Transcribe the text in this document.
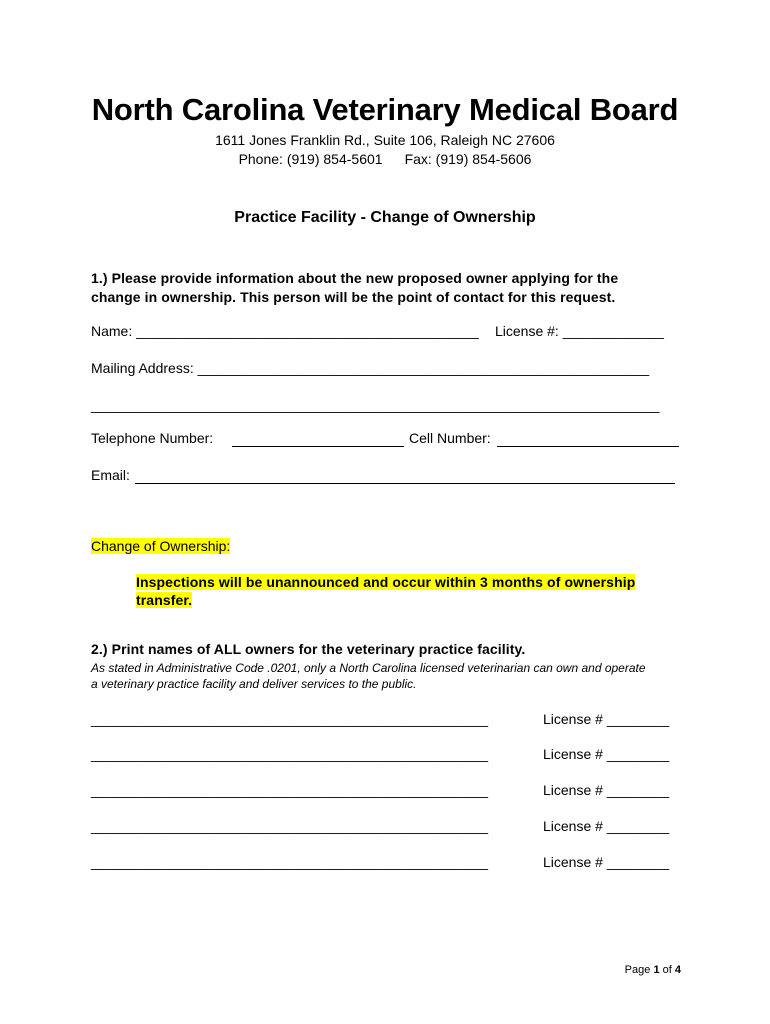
North Carolina Veterinary Medical Board
1611 Jones Franklin Rd., Suite 106, Raleigh NC 27606
Phone: (919) 854-5601 Fax: (919) 854-5606
Practice Facility - Change of Ownership
1.) Please provide information about the new proposed owner applying for the
change in ownership. This person will be the point of contact for this request.
Name: ____________________________________________ License #: _____________
Mailing Address: __________________________________________________________
_________________________________________________________________________
Telephone Number:	Cell Number:
Email:
Change of Ownership:
Inspections will be unannounced and occur within 3 months of ownership
transfer.
2.) Print names of ALL owners for the veterinary practice facility.
As stated in Administrative Code .0201, only a North Carolina licensed veterinarian can own and operate
a veterinary practice facility and deliver services to the public.
___________________________________________________	License # ________
___________________________________________________	License # ________
___________________________________________________	License # ________
___________________________________________________	License # ________
___________________________________________________	License # ________
Page 1 of 4
